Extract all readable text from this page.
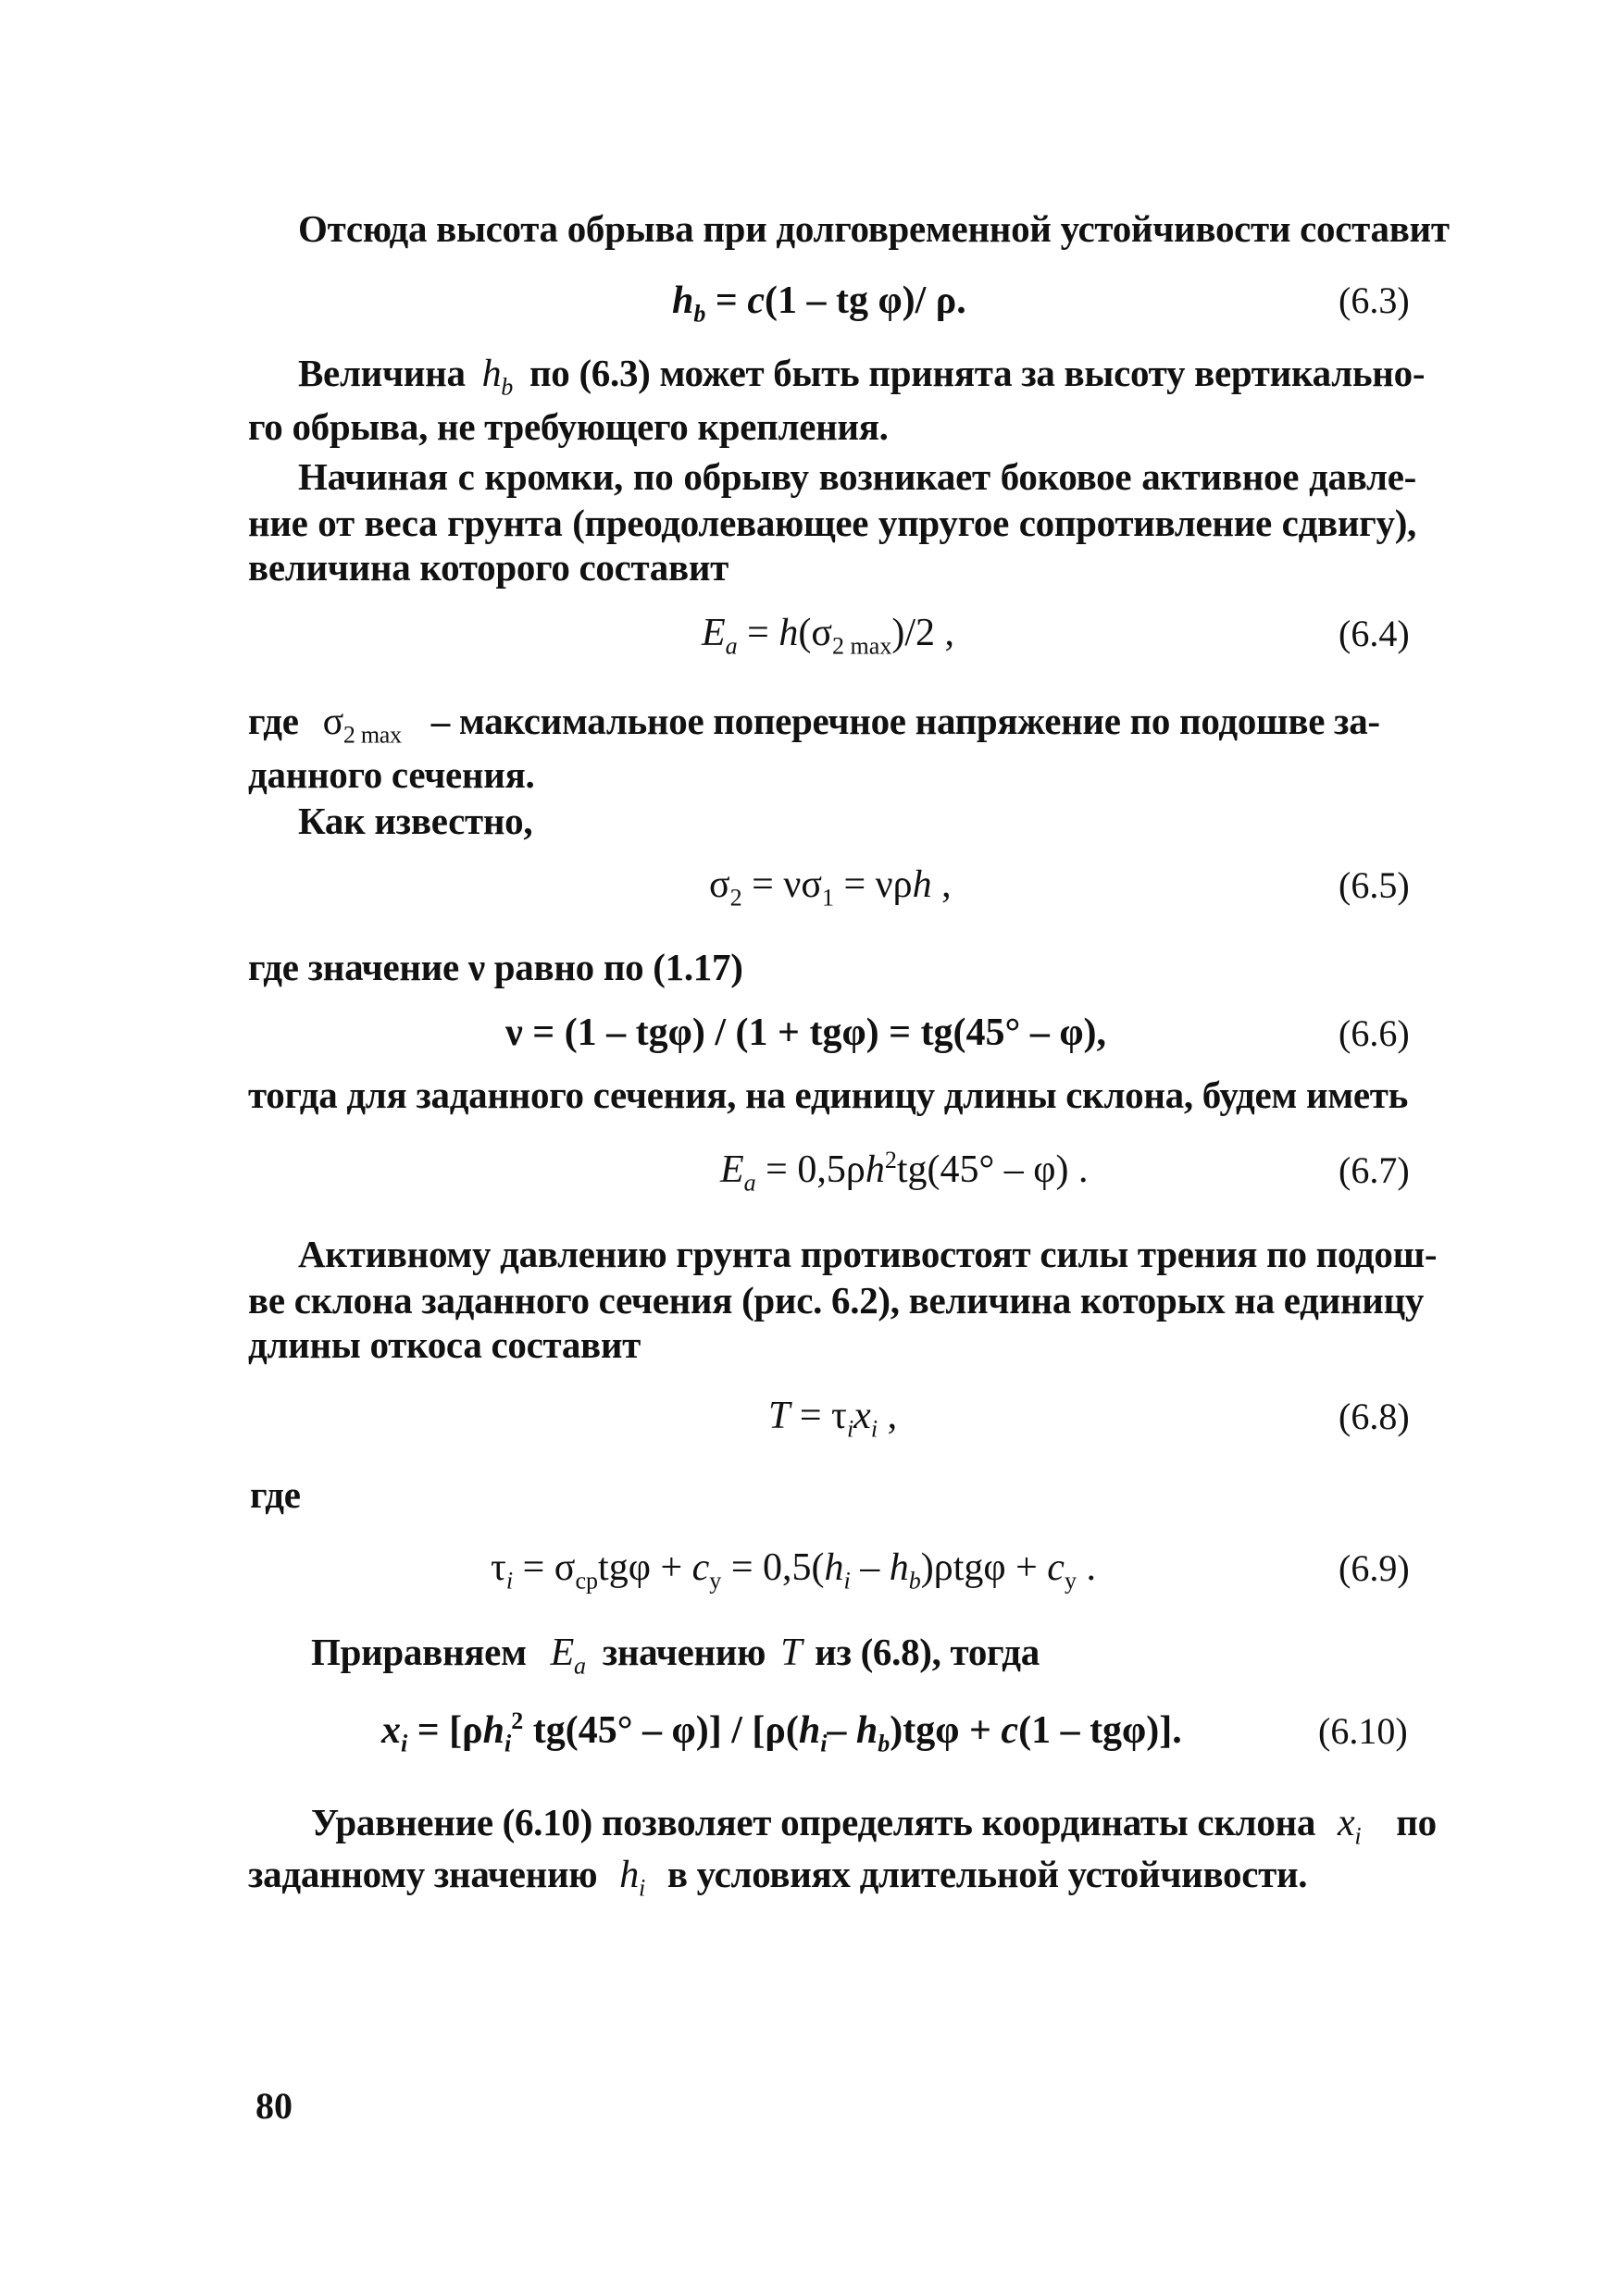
Отсюда высота обрыва при долговременной устойчивости составит
$h_b = c(1$ – tg φ)/ ρ.	(6.3)
Величина $h_b$ по (6.3) может быть принята за высоту вертикально-
го обрыва, не требующего крепления.
Начиная с кромки, по обрыву возникает боковое активное давле-
ние от веса грунта (преодолевающее упругое сопротивление сдвигу),
величина которого составит
$E_a = h(\sigma_{2 max})/2$ ,	(6.4)
где $\sigma_{2 max}$ – максимальное поперечное напряжение по подошве за-
данного сечения.
Как известно,
$\sigma_2 = \nu\sigma_1 = \nu\rho h$ ,	(6.5)
где значение ν равно по (1.17)
ν = (1 – tgφ) / (1 + tgφ) = tg(45° – φ),	(6.6)
тогда для заданного сечения, на единицу длины склона, будем иметь
$E_a = 0,5\rho h^2tg(45^\circ - \varphi)$ .	(6.7)
Активному давлению грунта противостоят силы трения по подош-
ве склона заданного сечения (рис. 6.2), величина которых на единицу
длины откоса составит
$T = \tau_ix_i$ ,	(6.8)
где
$\tau_i = \sigma_{ср}tg\varphi + c_у = 0,5(h_i - h_b)\rho tg\varphi + c_у$ .	(6.9)
Приравняем $E_a$ значению T из (6.8), тогда
$x_i = [\rho h_i^2$ $tg(45^\circ - \varphi)] / [\rho(h_i-$ $h_b)tg\varphi + c(1 - tg\varphi)$].	(6.10)
Уравнение (6.10) позволяет определять координаты склона $x_i$ по
заданному значению $h_i$ в условиях длительной устойчивости.
80
